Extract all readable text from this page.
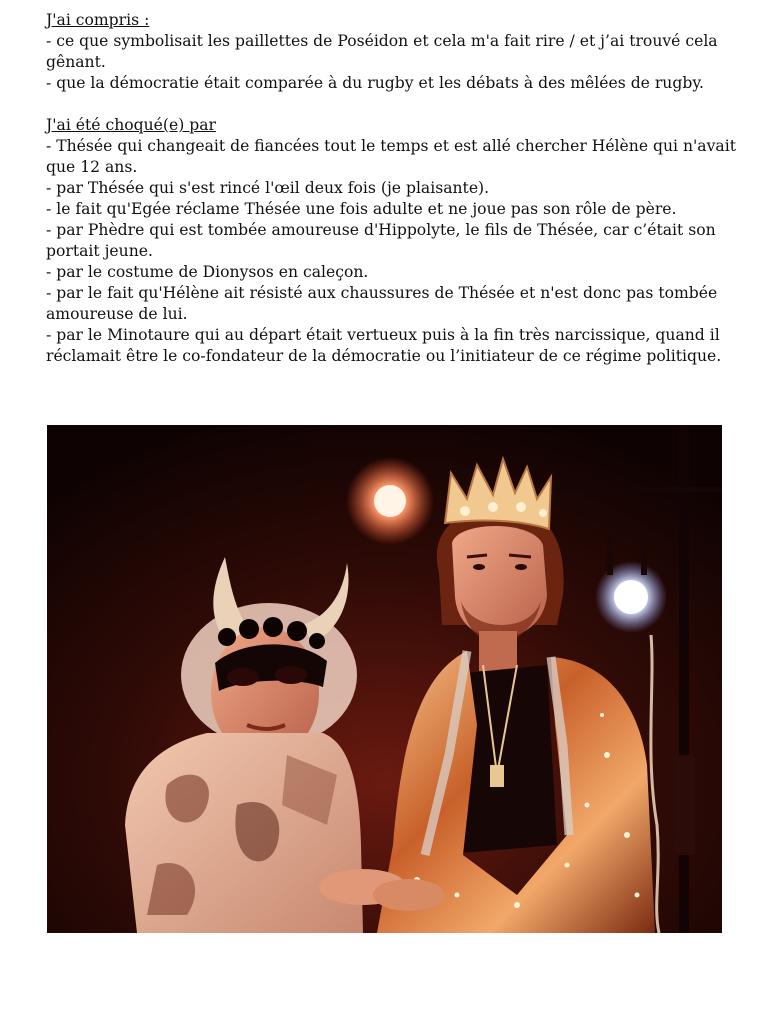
J'ai compris :

- ce que symbolisait les paillettes de Poséidon et cela m'a fait rire / et j’ai trouvé cela gênant.

- que la démocratie était comparée à du rugby et les débats à des mêlées de rugby.

J'ai été choqué(e) par

- Thésée qui changeait de fiancées tout le temps et est allé chercher Hélène qui n'avait que 12 ans.

- par Thésée qui s'est rincé l'œil deux fois (je plaisante).

- le fait qu'Egée réclame Thésée une fois adulte et ne joue pas son rôle de père.

- par Phèdre qui est tombée amoureuse d'Hippolyte, le fils de Thésée, car c’était son portait jeune.

- par le costume de Dionysos en caleçon.

- par le fait qu'Hélène ait résisté aux chaussures de Thésée et n'est donc pas tombée amoureuse de lui.

- par le Minotaure qui au départ était vertueux puis à la fin très narcissique, quand il réclamait être le co-fondateur de la démocratie ou l’initiateur de ce régime politique.
